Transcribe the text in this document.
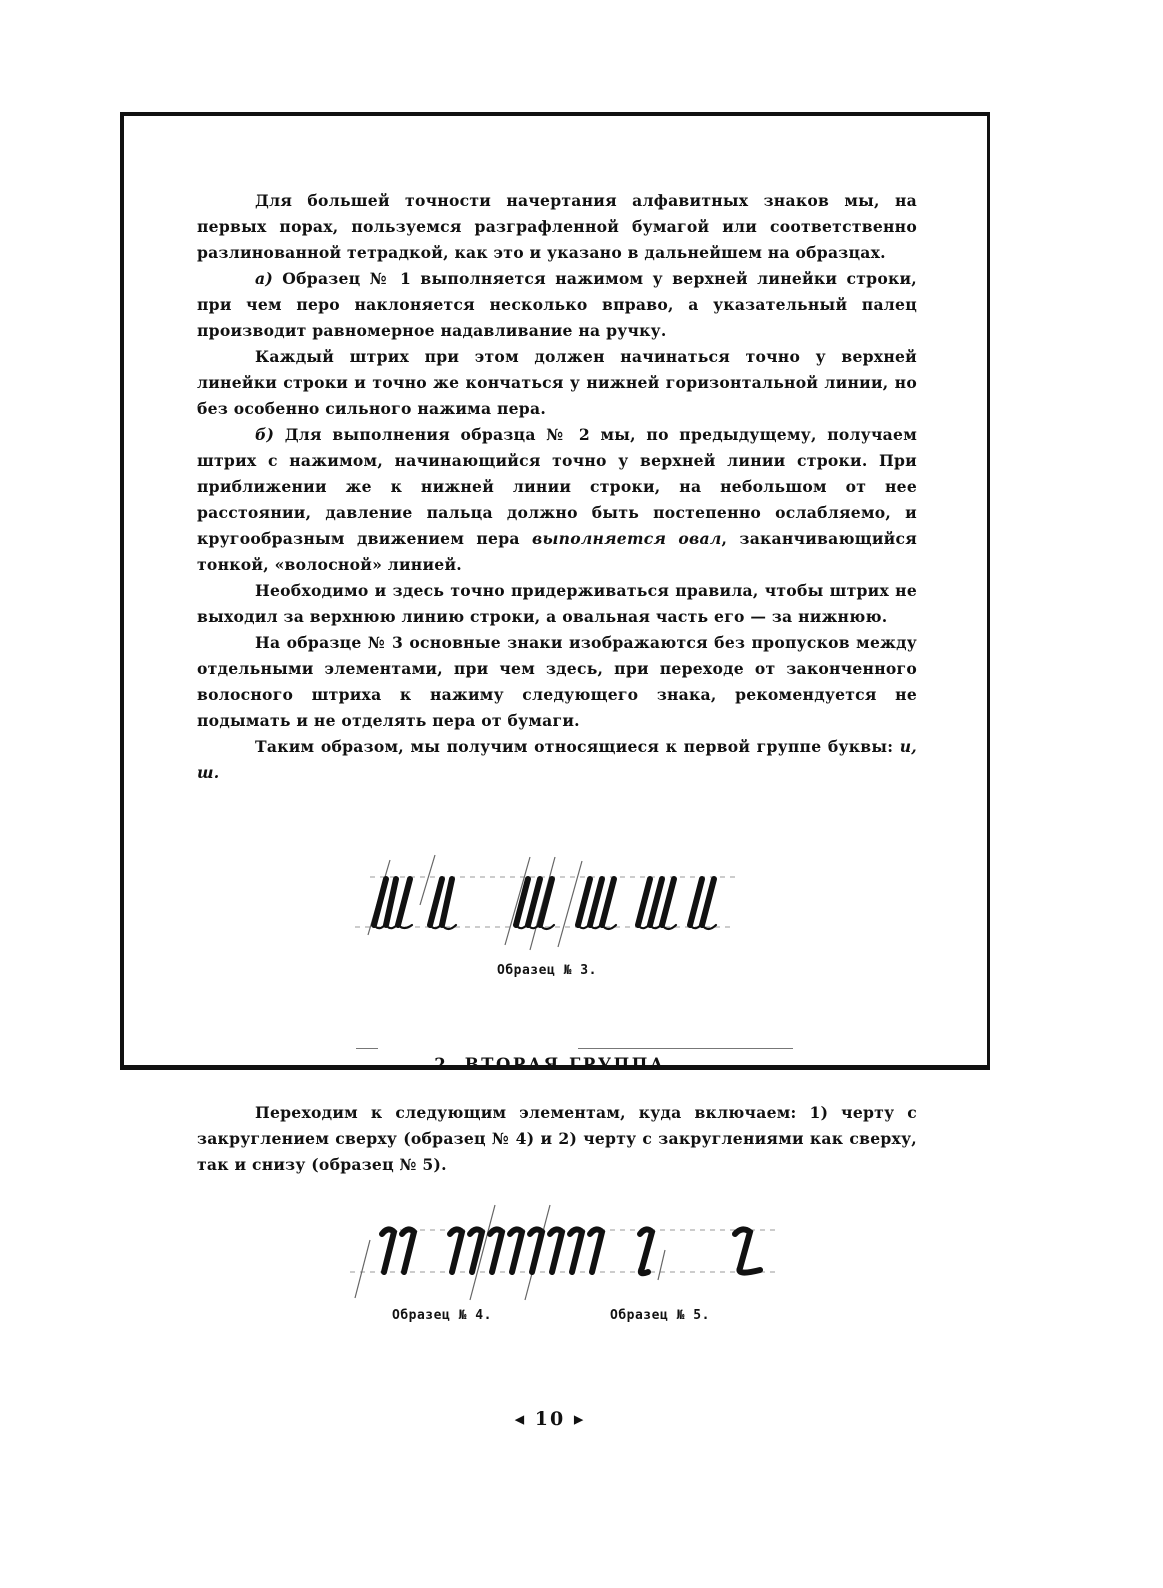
Для большей точности начертания алфавитных знаков мы, на первых порах, пользуемся разграфленной бумагой или соответственно разлинованной тетрадкой, как это и указано в дальнейшем на образцах.

а) Образец № 1 выполняется нажимом у верхней линейки строки, при чем перо наклоняется несколько вправо, а указательный палец производит равномерное надавливание на ручку.

Каждый штрих при этом должен начинаться точно у верхней линейки строки и точно же кончаться у нижней горизонтальной линии, но без особенно сильного нажима пера.

б) Для выполнения образца № 2 мы, по предыдущему, получаем штрих с нажимом, начинающийся точно у верхней линии строки. При приближении же к нижней линии строки, на небольшом от нее расстоянии, давление пальца должно быть постепенно ослабляемо, и кругообразным движением пера выполняется овал, заканчивающийся тонкой, «волосной» линией.

Необходимо и здесь точно придерживаться правила, чтобы штрих не выходил за верхнюю линию строки, а овальная часть его — за нижнюю.

На образце № 3 основные знаки изображаются без пропусков между отдельными элементами, при чем здесь, при переходе от законченного волосного штриха к нажиму следующего знака, рекомендуется не подымать и не отделять пера от бумаги.

Таким образом, мы получим относящиеся к первой группе буквы: и, ш.

Образец № 3.
2. ВТОРАЯ ГРУППА

Переходим к следующим элементам, куда включаем: 1) черту с закруглением сверху (образец № 4) и 2) черту с закруглениями как сверху, так и снизу (образец № 5).

Образец № 4.	Образец № 5.
◂ 10 ▸
